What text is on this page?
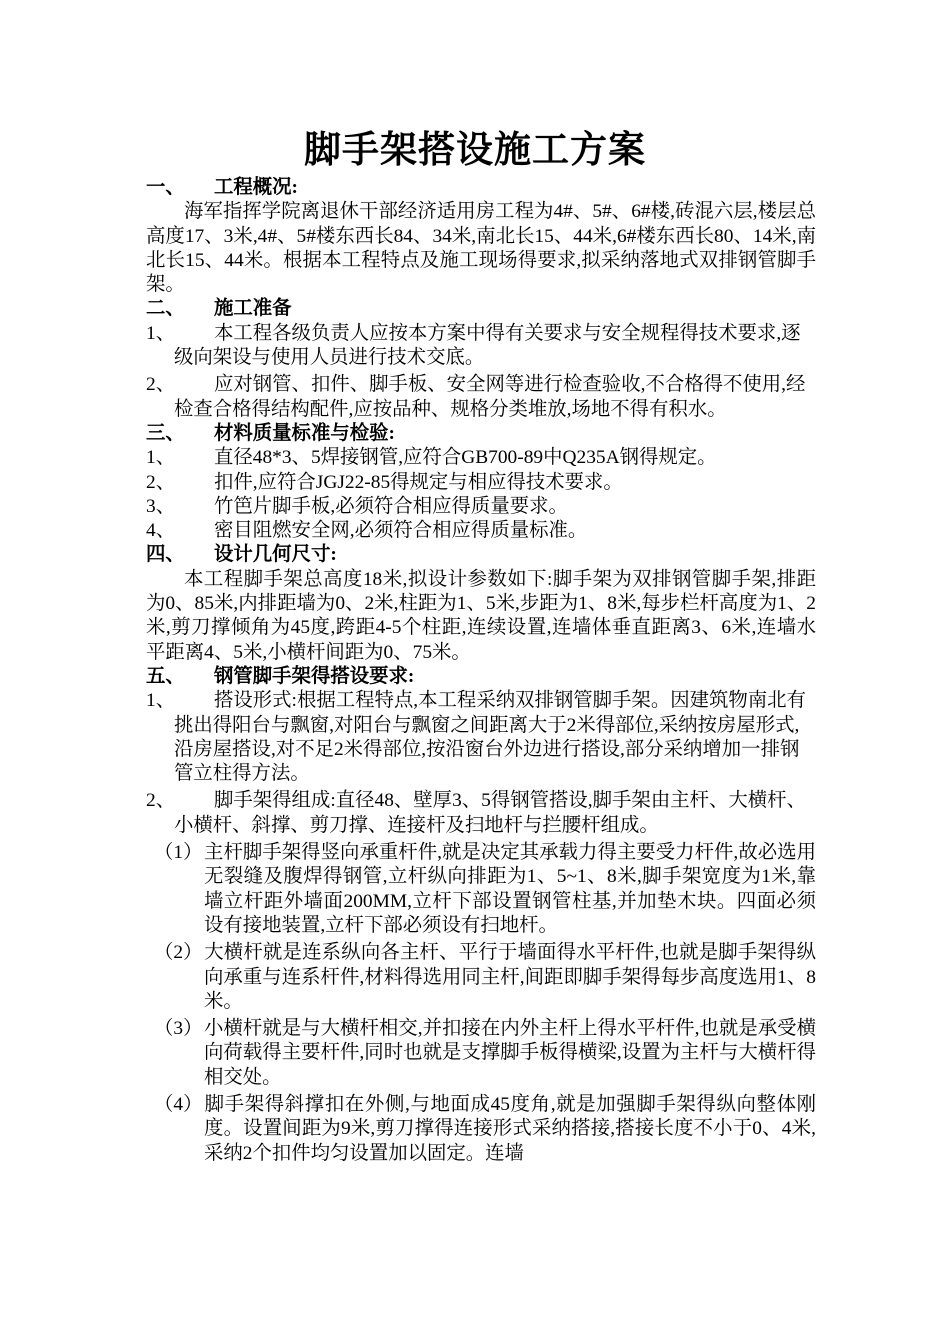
脚手架搭设施工方案
一、	工程概况:
海军指挥学院离退休干部经济适用房工程为4#、5#、6#楼,砖混六层,楼层总高度17、3米,4#、5#楼东西长84、34米,南北长15、44米,6#楼东西长80、14米,南北长15、44米。根据本工程特点及施工现场得要求,拟采纳落地式双排钢管脚手架。
二、	施工准备
1、 本工程各级负责人应按本方案中得有关要求与安全规程得技术要求,逐级向架设与使用人员进行技术交底。
2、 应对钢管、扣件、脚手板、安全网等进行检查验收,不合格得不使用,经检查合格得结构配件,应按品种、规格分类堆放,场地不得有积水。
三、	材料质量标准与检验:
1、	直径48*3、5焊接钢管,应符合GB700-89中Q235A钢得规定。
2、	扣件,应符合JGJ22-85得规定与相应得技术要求。
3、	竹笆片脚手板,必须符合相应得质量要求。
4、	密目阻燃安全网,必须符合相应得质量标准。
四、	设计几何尺寸:
本工程脚手架总高度18米,拟设计参数如下:脚手架为双排钢管脚手架,排距为0、85米,内排距墙为0、2米,柱距为1、5米,步距为1、8米,每步栏杆高度为1、2米,剪刀撑倾角为45度,跨距4-5个柱距,连续设置,连墙体垂直距离3、6米,连墙水平距离4、5米,小横杆间距为0、75米。
五、	钢管脚手架得搭设要求:
1、 搭设形式:根据工程特点,本工程采纳双排钢管脚手架。因建筑物南北有挑出得阳台与飘窗,对阳台与飘窗之间距离大于2米得部位,采纳按房屋形式,沿房屋搭设,对不足2米得部位,按沿窗台外边进行搭设,部分采纳增加一排钢管立柱得方法。
2、 脚手架得组成:直径48、壁厚3、5得钢管搭设,脚手架由主杆、大横杆、小横杆、斜撑、剪刀撑、连接杆及扫地杆与拦腰杆组成。
（1）主杆脚手架得竖向承重杆件,就是决定其承载力得主要受力杆件,故必选用无裂缝及腹焊得钢管,立杆纵向排距为1、5~1、8米,脚手架宽度为1米,靠墙立杆距外墙面200MM,立杆下部设置钢管柱基,并加垫木块。四面必须设有接地装置,立杆下部必须设有扫地杆。
（2）大横杆就是连系纵向各主杆、平行于墙面得水平杆件,也就是脚手架得纵向承重与连系杆件,材料得选用同主杆,间距即脚手架得每步高度选用1、8米。
（3）小横杆就是与大横杆相交,并扣接在内外主杆上得水平杆件,也就是承受横向荷载得主要杆件,同时也就是支撑脚手板得横梁,设置为主杆与大横杆得相交处。
（4）脚手架得斜撑扣在外侧,与地面成45度角,就是加强脚手架得纵向整体刚度。设置间距为9米,剪刀撑得连接形式采纳搭接,搭接长度不小于0、4米,采纳2个扣件均匀设置加以固定。连墙
